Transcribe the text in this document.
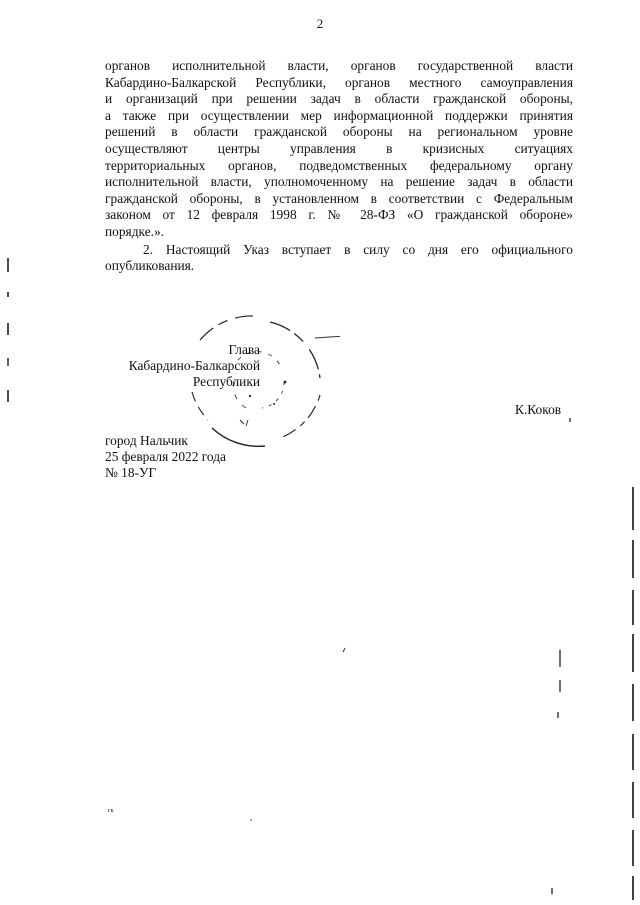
2

органов исполнительной власти, органов государственной власти
Кабардино-Балкарской Республики, органов местного самоуправления
и организаций при решении задач в области гражданской обороны,
а также при осуществлении мер информационной поддержки принятия
решений в области гражданской обороны на региональном уровне
осуществляют центры управления в кризисных ситуациях
территориальных органов, подведомственных федеральному органу
исполнительной власти, уполномоченному на решение задач в области
гражданской обороны, в установленном в соответствии с Федеральным
законом от 12 февраля 1998 г. № 28-ФЗ «О гражданской обороне»
порядке.».

2. Настоящий Указ вступает в силу со дня его официального
опубликования.

Глава
Кабардино-Балкарской
Республики
К.Коков
город Нальчик
25 февраля 2022 года
№ 18-УГ
гк
